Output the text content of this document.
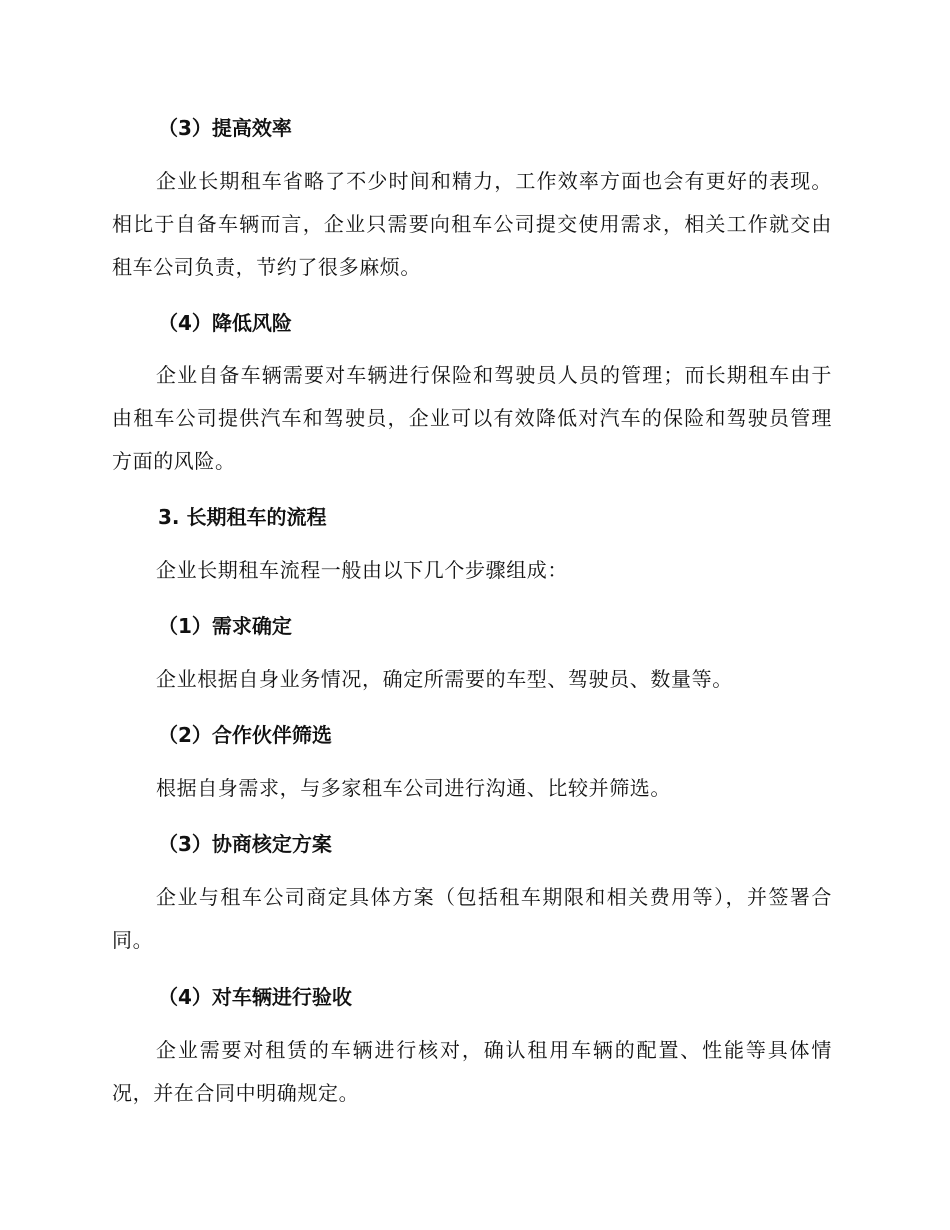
（3）提高效率

企业长期租车省略了不少时间和精力，工作效率方面也会有更好的表现。相比于自备车辆而言，企业只需要向租车公司提交使用需求，相关工作就交由租车公司负责，节约了很多麻烦。

（4）降低风险

企业自备车辆需要对车辆进行保险和驾驶员人员的管理；而长期租车由于由租车公司提供汽车和驾驶员，企业可以有效降低对汽车的保险和驾驶员管理方面的风险。

3. 长期租车的流程

企业长期租车流程一般由以下几个步骤组成：

（1）需求确定

企业根据自身业务情况，确定所需要的车型、驾驶员、数量等。

（2）合作伙伴筛选

根据自身需求，与多家租车公司进行沟通、比较并筛选。

（3）协商核定方案

企业与租车公司商定具体方案（包括租车期限和相关费用等），并签署合同。

（4）对车辆进行验收

企业需要对租赁的车辆进行核对，确认租用车辆的配置、性能等具体情况，并在合同中明确规定。
